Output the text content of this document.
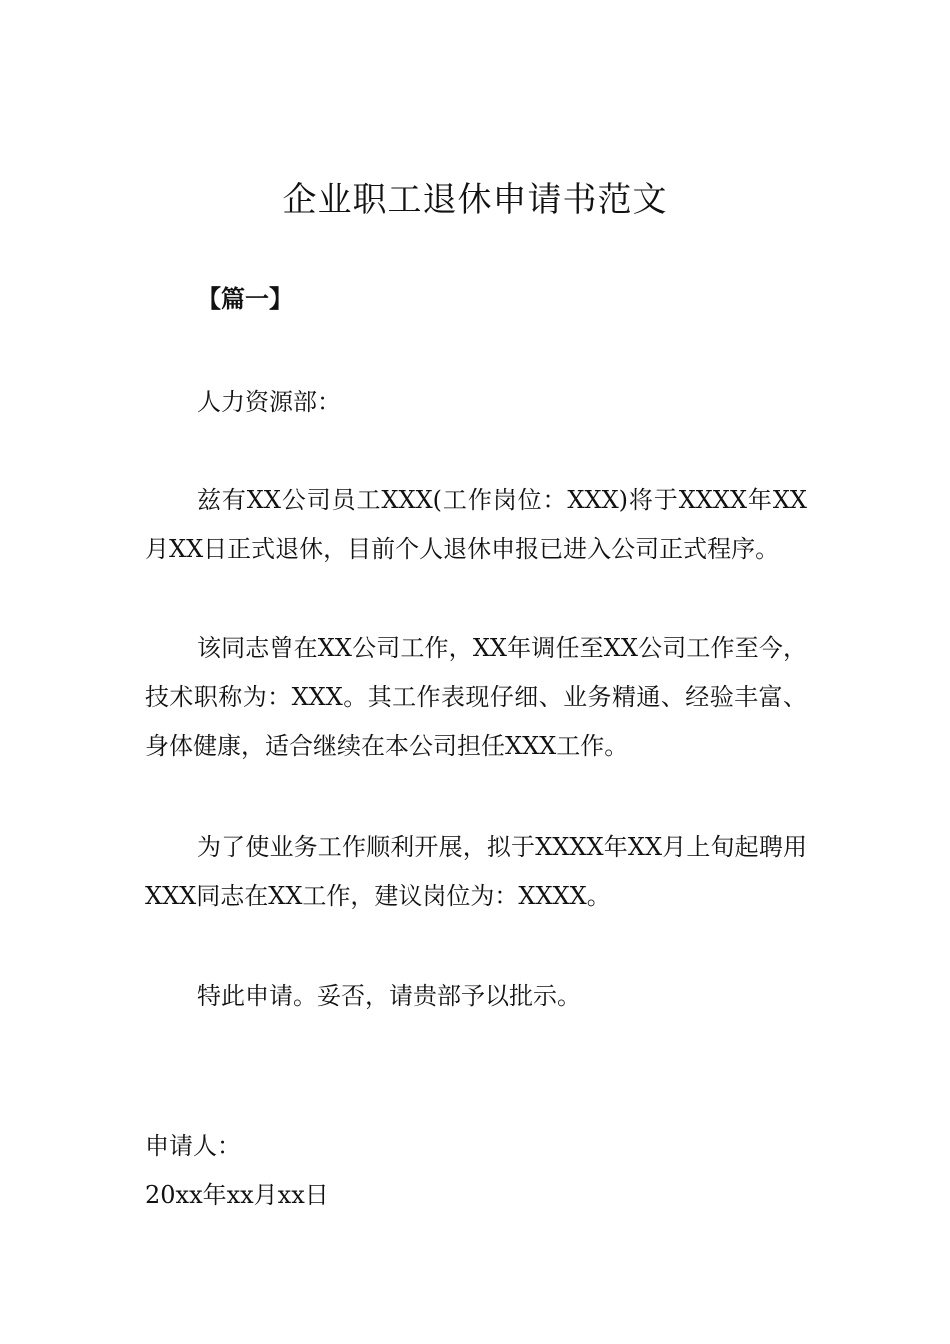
企业职工退休申请书范文
【篇一】
人力资源部：
兹有XX公司员工XXX(工作岗位：XXX)将于XXXX年XX月XX日正式退休，目前个人退休申报已进入公司正式程序。
该同志曾在XX公司工作，XX年调任至XX公司工作至今，技术职称为：XXX。其工作表现仔细、业务精通、经验丰富、身体健康，适合继续在本公司担任XXX工作。
为了使业务工作顺利开展，拟于XXXX年XX月上旬起聘用XXX同志在XX工作，建议岗位为：XXXX。
特此申请。妥否，请贵部予以批示。
申请人：
20xx年xx月xx日
